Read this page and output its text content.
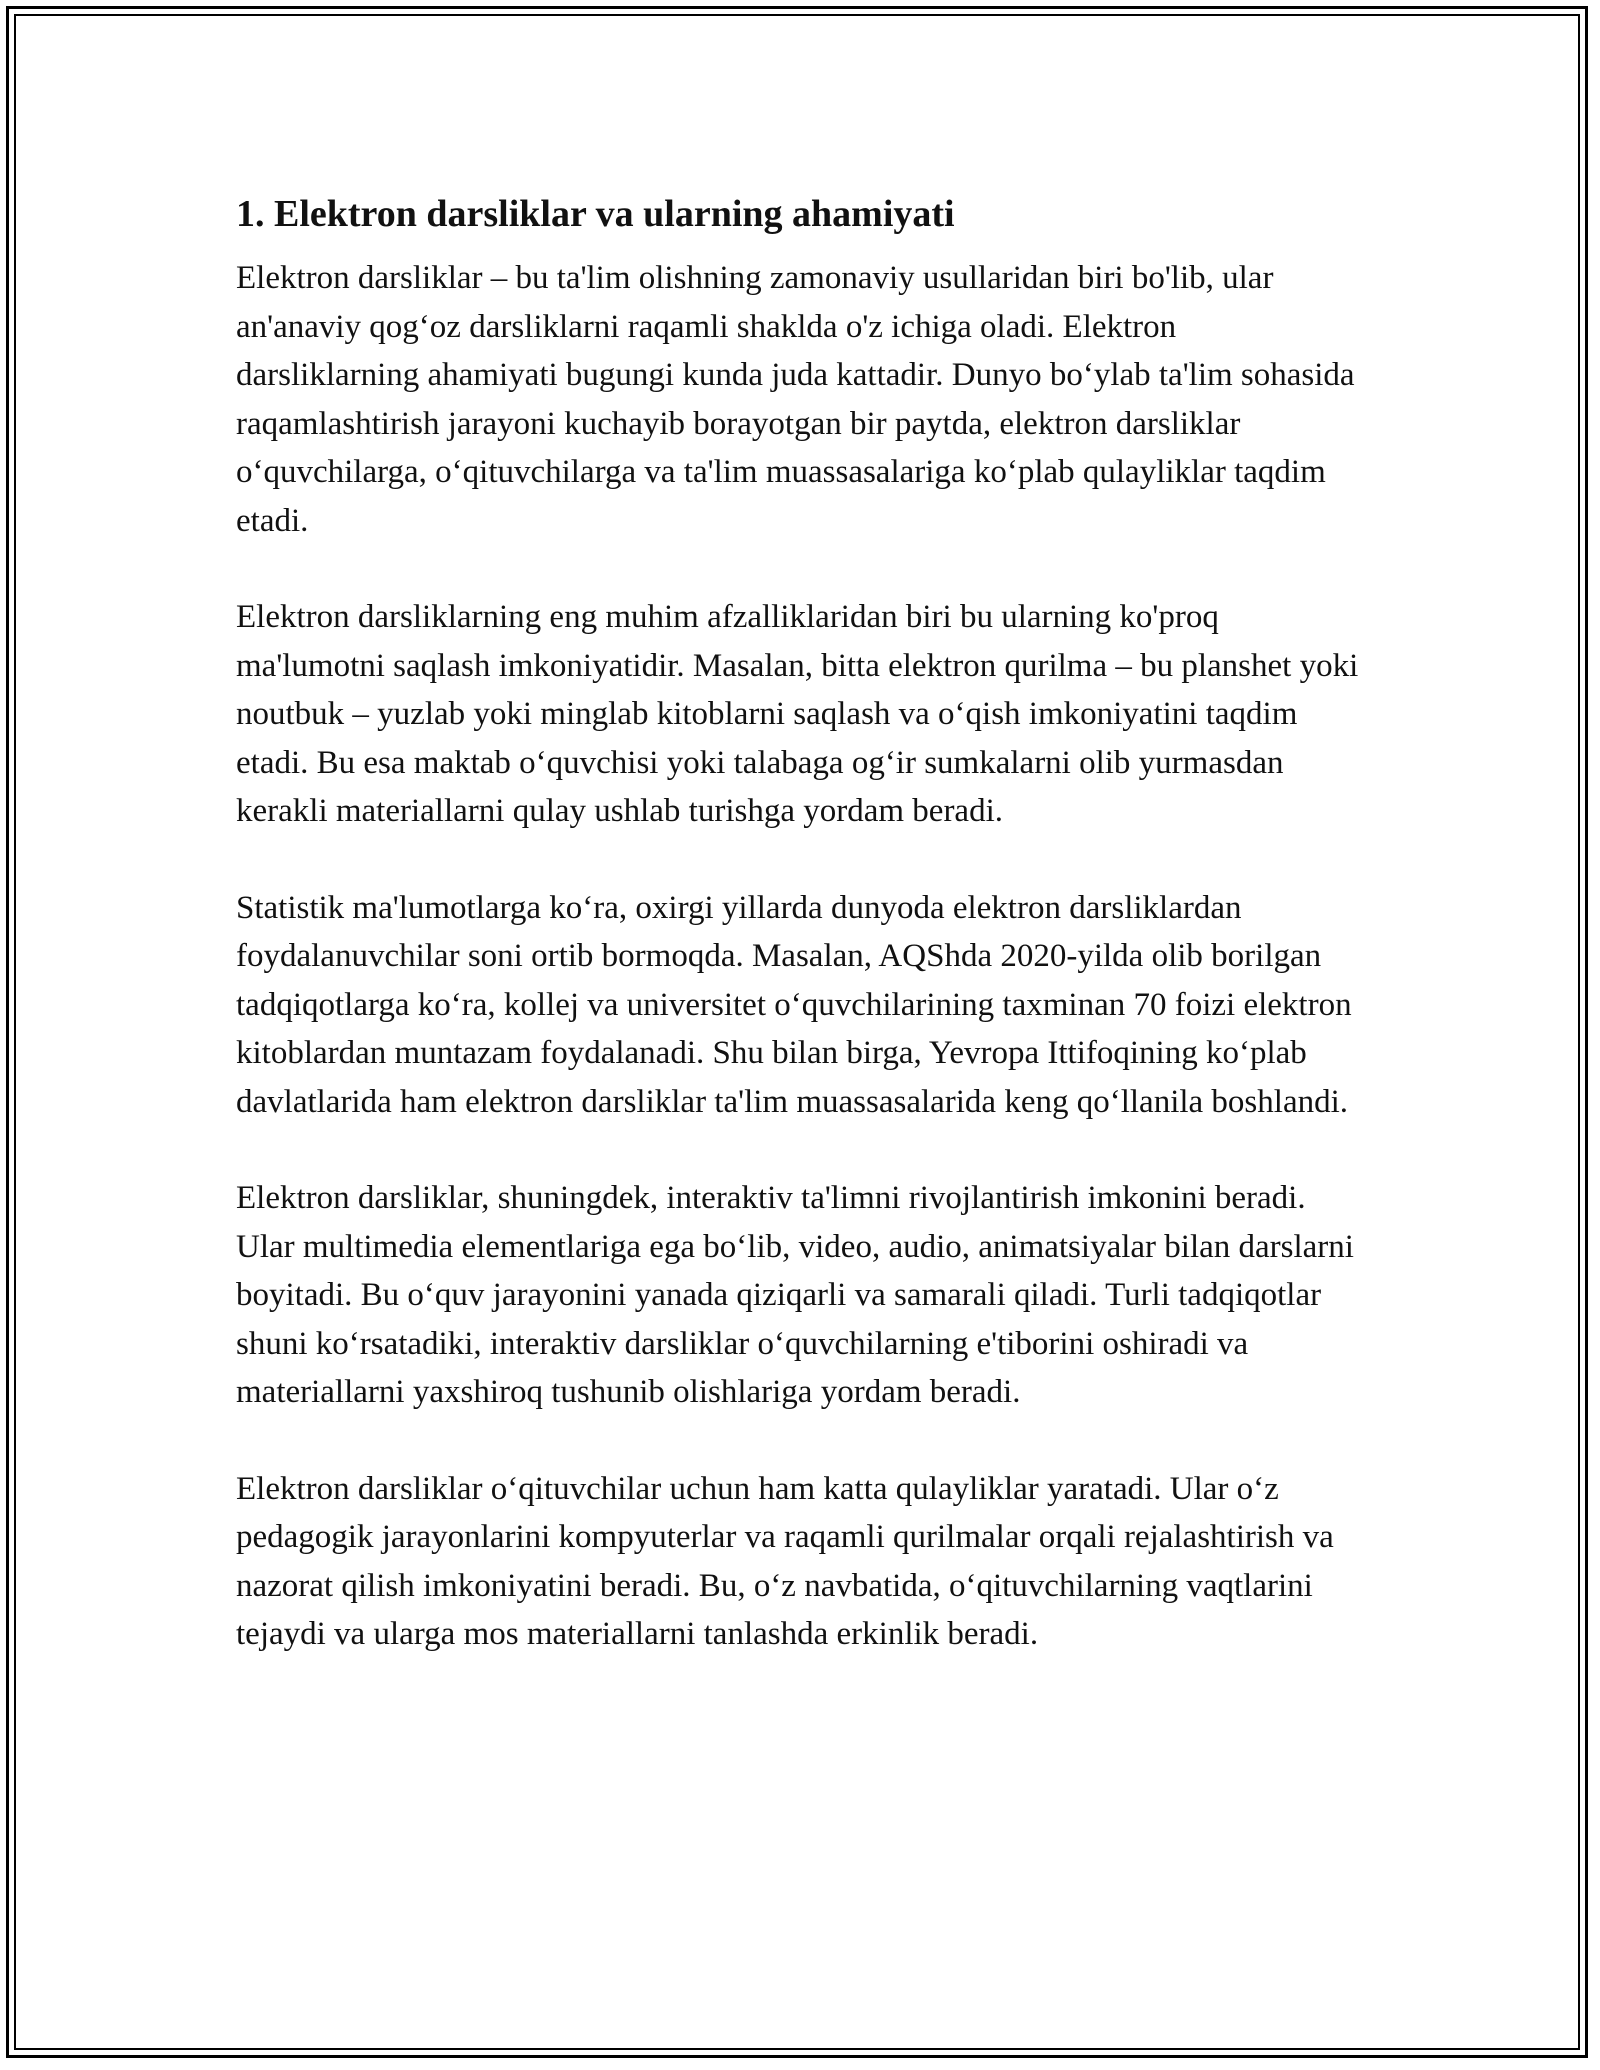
1. Elektron darsliklar va ularning ahamiyati

Elektron darsliklar – bu ta'lim olishning zamonaviy usullaridan biri bo'lib, ular an'anaviy qog‘oz darsliklarni raqamli shaklda o'z ichiga oladi. Elektron darsliklarning ahamiyati bugungi kunda juda kattadir. Dunyo bo‘ylab ta'lim sohasida raqamlashtirish jarayoni kuchayib borayotgan bir paytda, elektron darsliklar o‘quvchilarga, o‘qituvchilarga va ta'lim muassasalariga ko‘plab qulayliklar taqdim etadi.

Elektron darsliklarning eng muhim afzalliklaridan biri bu ularning ko'proq ma'lumotni saqlash imkoniyatidir. Masalan, bitta elektron qurilma – bu planshet yoki noutbuk – yuzlab yoki minglab kitoblarni saqlash va o‘qish imkoniyatini taqdim etadi. Bu esa maktab o‘quvchisi yoki talabaga og‘ir sumkalarni olib yurmasdan kerakli materiallarni qulay ushlab turishga yordam beradi.

Statistik ma'lumotlarga ko‘ra, oxirgi yillarda dunyoda elektron darsliklardan foydalanuvchilar soni ortib bormoqda. Masalan, AQShda 2020-yilda olib borilgan tadqiqotlarga ko‘ra, kollej va universitet o‘quvchilarining taxminan 70 foizi elektron kitoblardan muntazam foydalanadi. Shu bilan birga, Yevropa Ittifoqining ko‘plab davlatlarida ham elektron darsliklar ta'lim muassasalarida keng qo‘llanila boshlandi.

Elektron darsliklar, shuningdek, interaktiv ta'limni rivojlantirish imkonini beradi. Ular multimedia elementlariga ega bo‘lib, video, audio, animatsiyalar bilan darslarni boyitadi. Bu o‘quv jarayonini yanada qiziqarli va samarali qiladi. Turli tadqiqotlar shuni ko‘rsatadiki, interaktiv darsliklar o‘quvchilarning e'tiborini oshiradi va materiallarni yaxshiroq tushunib olishlariga yordam beradi.

Elektron darsliklar o‘qituvchilar uchun ham katta qulayliklar yaratadi. Ular o‘z pedagogik jarayonlarini kompyuterlar va raqamli qurilmalar orqali rejalashtirish va nazorat qilish imkoniyatini beradi. Bu, o‘z navbatida, o‘qituvchilarning vaqtlarini tejaydi va ularga mos materiallarni tanlashda erkinlik beradi.
